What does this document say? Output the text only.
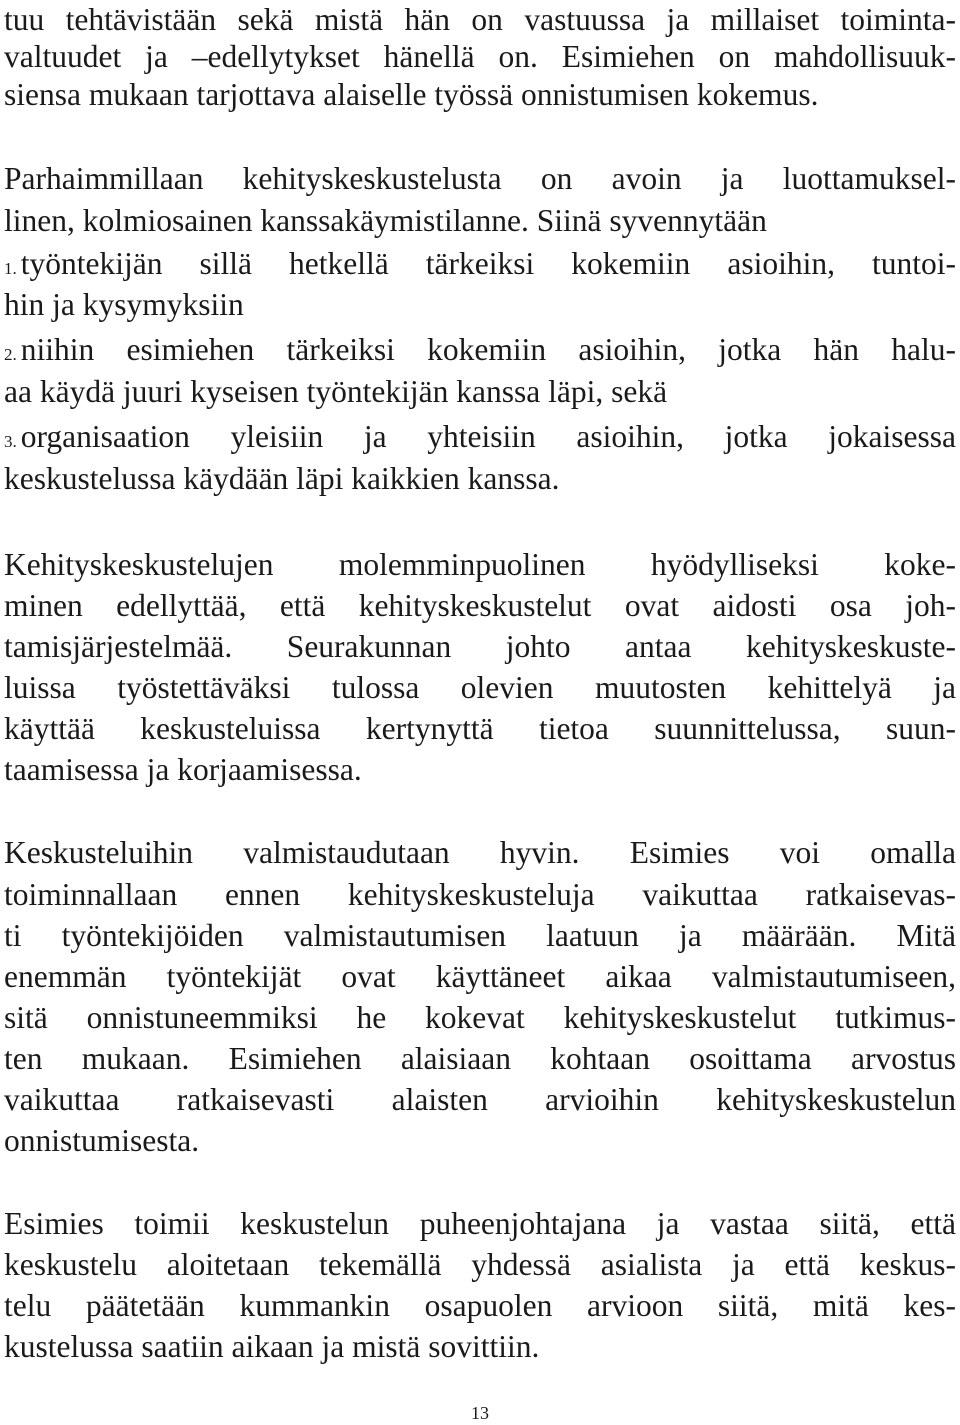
tuu tehtävistään sekä mistä hän on vastuussa ja millaiset toiminta-
valtuudet ja –edellytykset hänellä on. Esimiehen on mahdollisuuk-
siensa mukaan tarjottava alaiselle työssä onnistumisen kokemus.
Parhaimmillaan kehityskeskustelusta on avoin ja luottamuksel-
linen, kolmiosainen kanssakäymistilanne. Siinä syvennytään
1. työntekijän sillä hetkellä tärkeiksi kokemiin asioihin, tuntoi-
hin ja kysymyksiin
2. niihin esimiehen tärkeiksi kokemiin asioihin, jotka hän halu-
aa käydä juuri kyseisen työntekijän kanssa läpi, sekä
3. organisaation yleisiin ja yhteisiin asioihin, jotka jokaisessa
keskustelussa käydään läpi kaikkien kanssa.
Kehityskeskustelujen molemminpuolinen hyödylliseksi koke-
minen edellyttää, että kehityskeskustelut ovat aidosti osa joh-
tamisjärjestelmää. Seurakunnan johto antaa kehityskeskuste-
luissa työstettäväksi tulossa olevien muutosten kehittelyä ja
käyttää keskusteluissa kertynyttä tietoa suunnittelussa, suun-
taamisessa ja korjaamisessa.
Keskusteluihin valmistaudutaan hyvin. Esimies voi omalla
toiminnallaan ennen kehityskeskusteluja vaikuttaa ratkaisevas-
ti työntekijöiden valmistautumisen laatuun ja määrään. Mitä
enemmän työntekijät ovat käyttäneet aikaa valmistautumiseen,
sitä onnistuneemmiksi he kokevat kehityskeskustelut tutkimus-
ten mukaan. Esimiehen alaisiaan kohtaan osoittama arvostus
vaikuttaa ratkaisevasti alaisten arvioihin kehityskeskustelun
onnistumisesta.
Esimies toimii keskustelun puheenjohtajana ja vastaa siitä, että
keskustelu aloitetaan tekemällä yhdessä asialista ja että keskus-
telu päätetään kummankin osapuolen arvioon siitä, mitä kes-
kustelussa saatiin aikaan ja mistä sovittiin.
13
